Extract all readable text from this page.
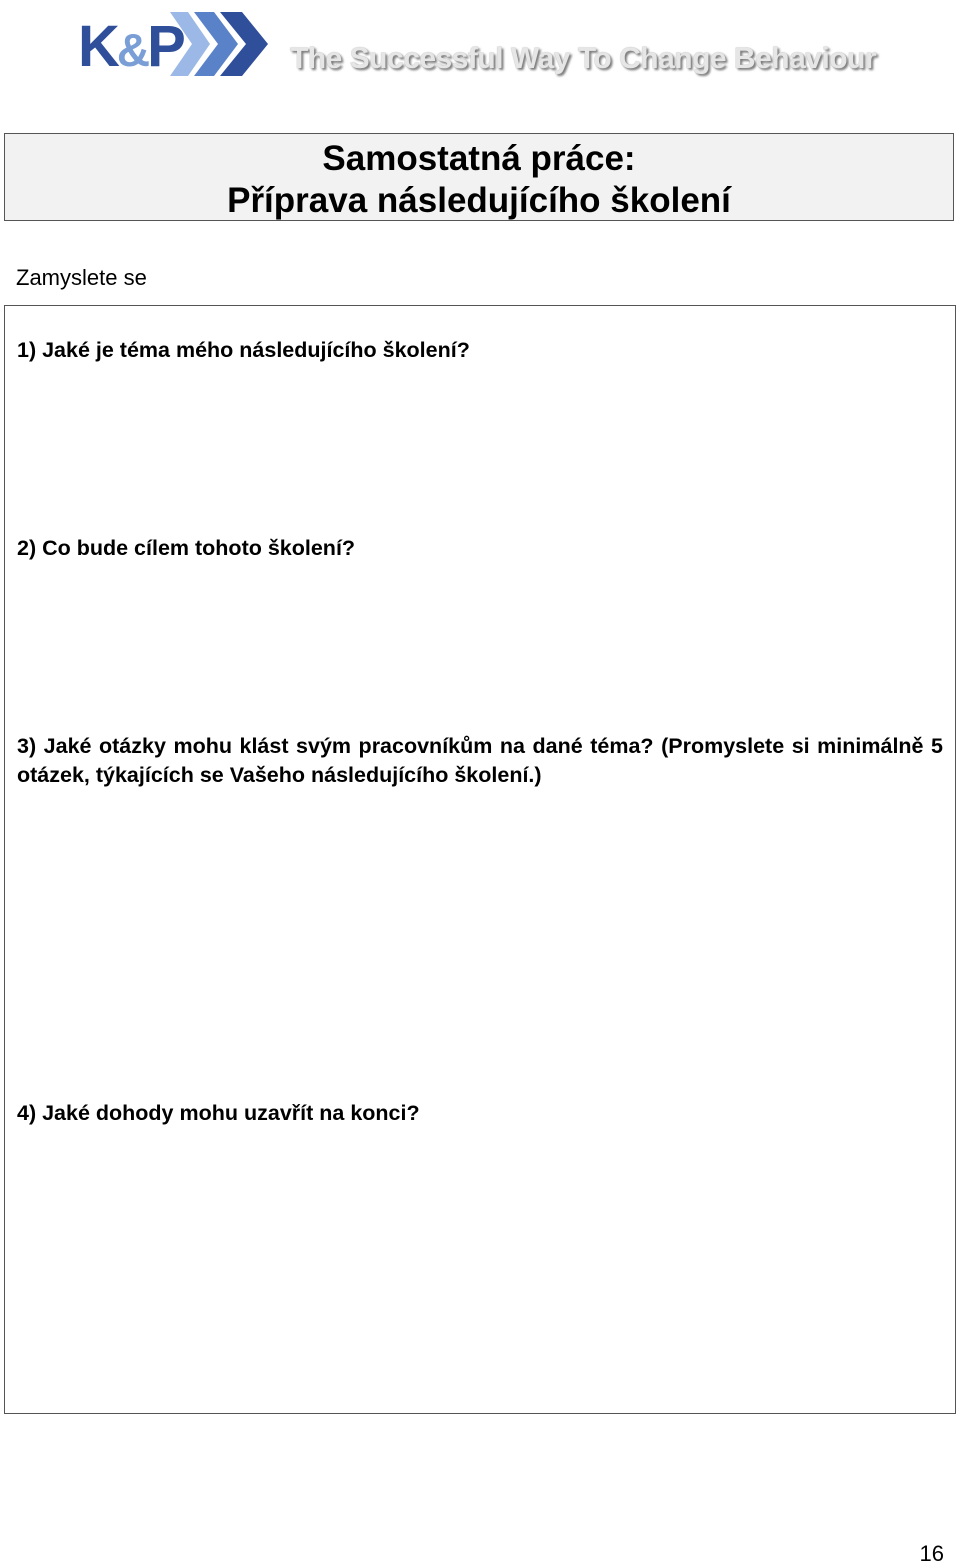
K&P	The Successful Way To Change Behaviour
Samostatná práce:
Příprava následujícího školení
Zamyslete se
1) Jaké je téma mého následujícího školení?
2) Co bude cílem tohoto školení?
3) Jaké otázky mohu klást svým pracovníkům na dané téma? (Promyslete si minimálně 5 otázek, týkajících se Vašeho následujícího školení.)
4) Jaké dohody mohu uzavřít na konci?
16
